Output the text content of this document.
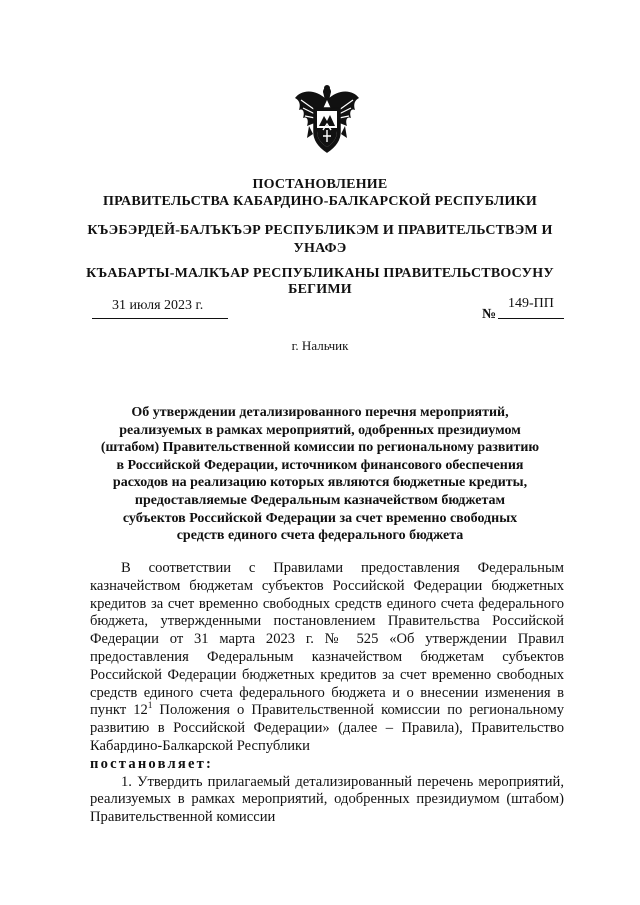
ПОСТАНОВЛЕНИЕ
ПРАВИТЕЛЬСТВА КАБАРДИНО-БАЛКАРСКОЙ РЕСПУБЛИКИ
КЪЭБЭРДЕЙ-БАЛЪКЪЭР РЕСПУБЛИКЭМ И ПРАВИТЕЛЬСТВЭМ И
УНАФЭ
КЪАБАРТЫ-МАЛКЪАР РЕСПУБЛИКАНЫ ПРАВИТЕЛЬСТВОСУНУ
БЕГИМИ
31 июля 2023 г.
№
149-ПП
г. Нальчик
Об утверждении детализированного перечня мероприятий,
реализуемых в рамках мероприятий, одобренных президиумом
(штабом) Правительственной комиссии по региональному развитию
в Российской Федерации, источником финансового обеспечения
расходов на реализацию которых являются бюджетные кредиты,
предоставляемые Федеральным казначейством бюджетам
субъектов Российской Федерации за счет временно свободных
средств единого счета федерального бюджета

В соответствии с Правилами предоставления Федеральным казначейством бюджетам субъектов Российской Федерации бюджетных кредитов за счет временно свободных средств единого счета федерального бюджета, утвержденными постановлением Правительства Российской Федерации от 31 марта 2023 г. № 525 «Об утверждении Правил предоставления Федеральным казначейством бюджетам субъектов Российской Федерации бюджетных кредитов за счет временно свободных средств единого счета федерального бюджета и о внесении изменения в пункт $12^1$ Положения о Правительственной комиссии по региональному развитию в Российской Федерации» (далее – Правила), Правительство Кабардино-Балкарской Республики

постановляет:

1. Утвердить прилагаемый детализированный перечень мероприятий, реализуемых в рамках мероприятий, одобренных президиумом (штабом) Правительственной комиссии
